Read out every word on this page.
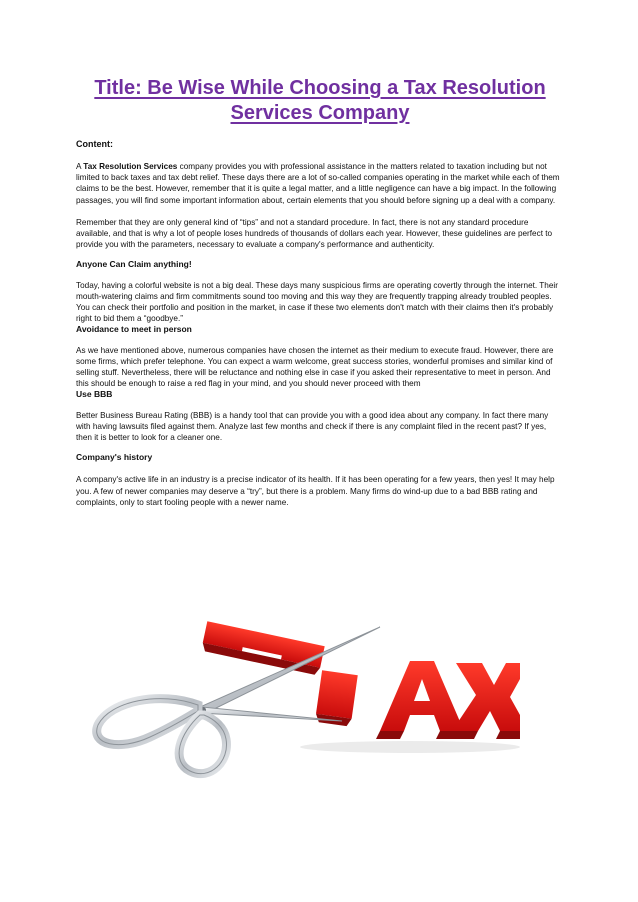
Title: Be Wise While Choosing a Tax Resolution Services Company

Content:

A Tax Resolution Services company provides you with professional assistance in the matters related to taxation including but not limited to back taxes and tax debt relief. These days there are a lot of so-called companies operating in the market while each of them claims to be the best. However, remember that it is quite a legal matter, and a little negligence can have a big impact. In the following passages, you will find some important information about, certain elements that you should before signing up a deal with a company.

Remember that they are only general kind of “tips” and not a standard procedure. In fact, there is not any standard procedure available, and that is why a lot of people loses hundreds of thousands of dollars each year. However, these guidelines are perfect to provide you with the parameters, necessary to evaluate a company's performance and authenticity.

Anyone Can Claim anything!

Today, having a colorful website is not a big deal. These days many suspicious firms are operating covertly through the internet. Their mouth-watering claims and firm commitments sound too moving and this way they are frequently trapping already troubled peoples. You can check their portfolio and position in the market, in case if these two elements don't match with their claims then it's probably right to bid them a “goodbye.”

Avoidance to meet in person

As we have mentioned above, numerous companies have chosen the internet as their medium to execute fraud. However, there are some firms, which prefer telephone. You can expect a warm welcome, great success stories, wonderful promises and similar kind of selling stuff. Nevertheless, there will be reluctance and nothing else in case if you asked their representative to meet in person. And this should be enough to raise a red flag in your mind, and you should never proceed with them

Use BBB

Better Business Bureau Rating (BBB) is a handy tool that can provide you with a good idea about any company. In fact there many with having lawsuits filed against them. Analyze last few months and check if there is any complaint filed in the recent past? If yes, then it is better to look for a cleaner one.

Company's history

A company's active life in an industry is a precise indicator of its health. If it has been operating for a few years, then yes! It may help you. A few of newer companies may deserve a “try”, but there is a problem. Many firms do wind-up due to a bad BBB rating and complaints, only to start fooling people with a newer name.
